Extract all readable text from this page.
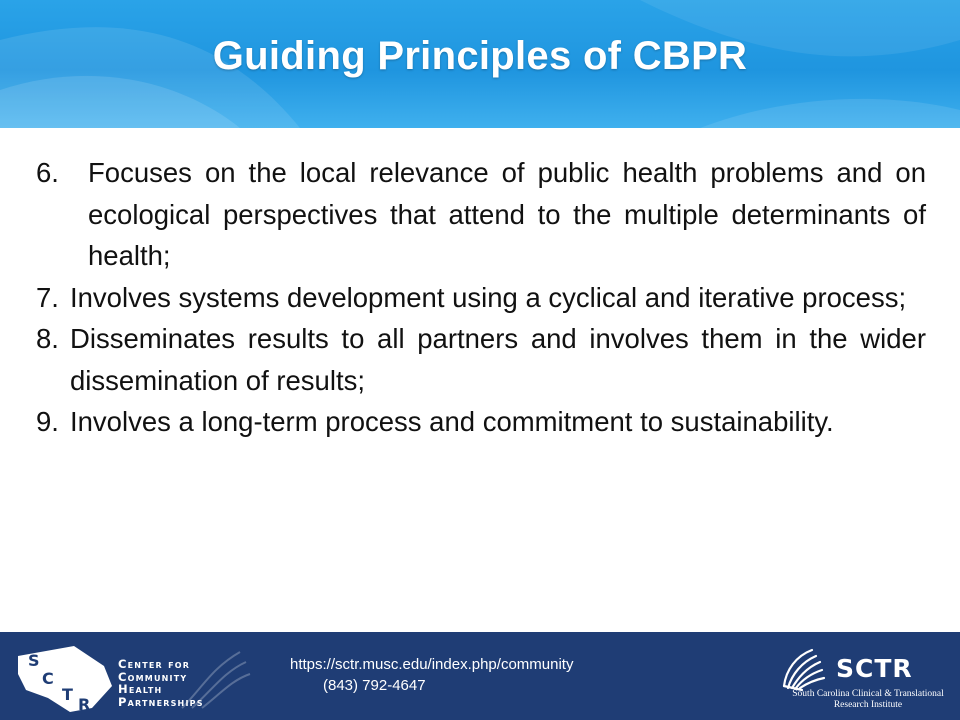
Guiding Principles of CBPR
6.	Focuses on the local relevance of public health problems and on ecological perspectives that attend to the multiple determinants of health;
7. Involves systems development using a cyclical and iterative process;
8. Disseminates results to all partners and involves them in the wider dissemination of results;
9. Involves a long-term process and commitment to sustainability.
S
C
T
R
Center for
Community
Health
Partnerships
https://sctr.musc.edu/index.php/community
(843) 792-4647
SCTR
South Carolina Clinical & Translational
Research Institute
